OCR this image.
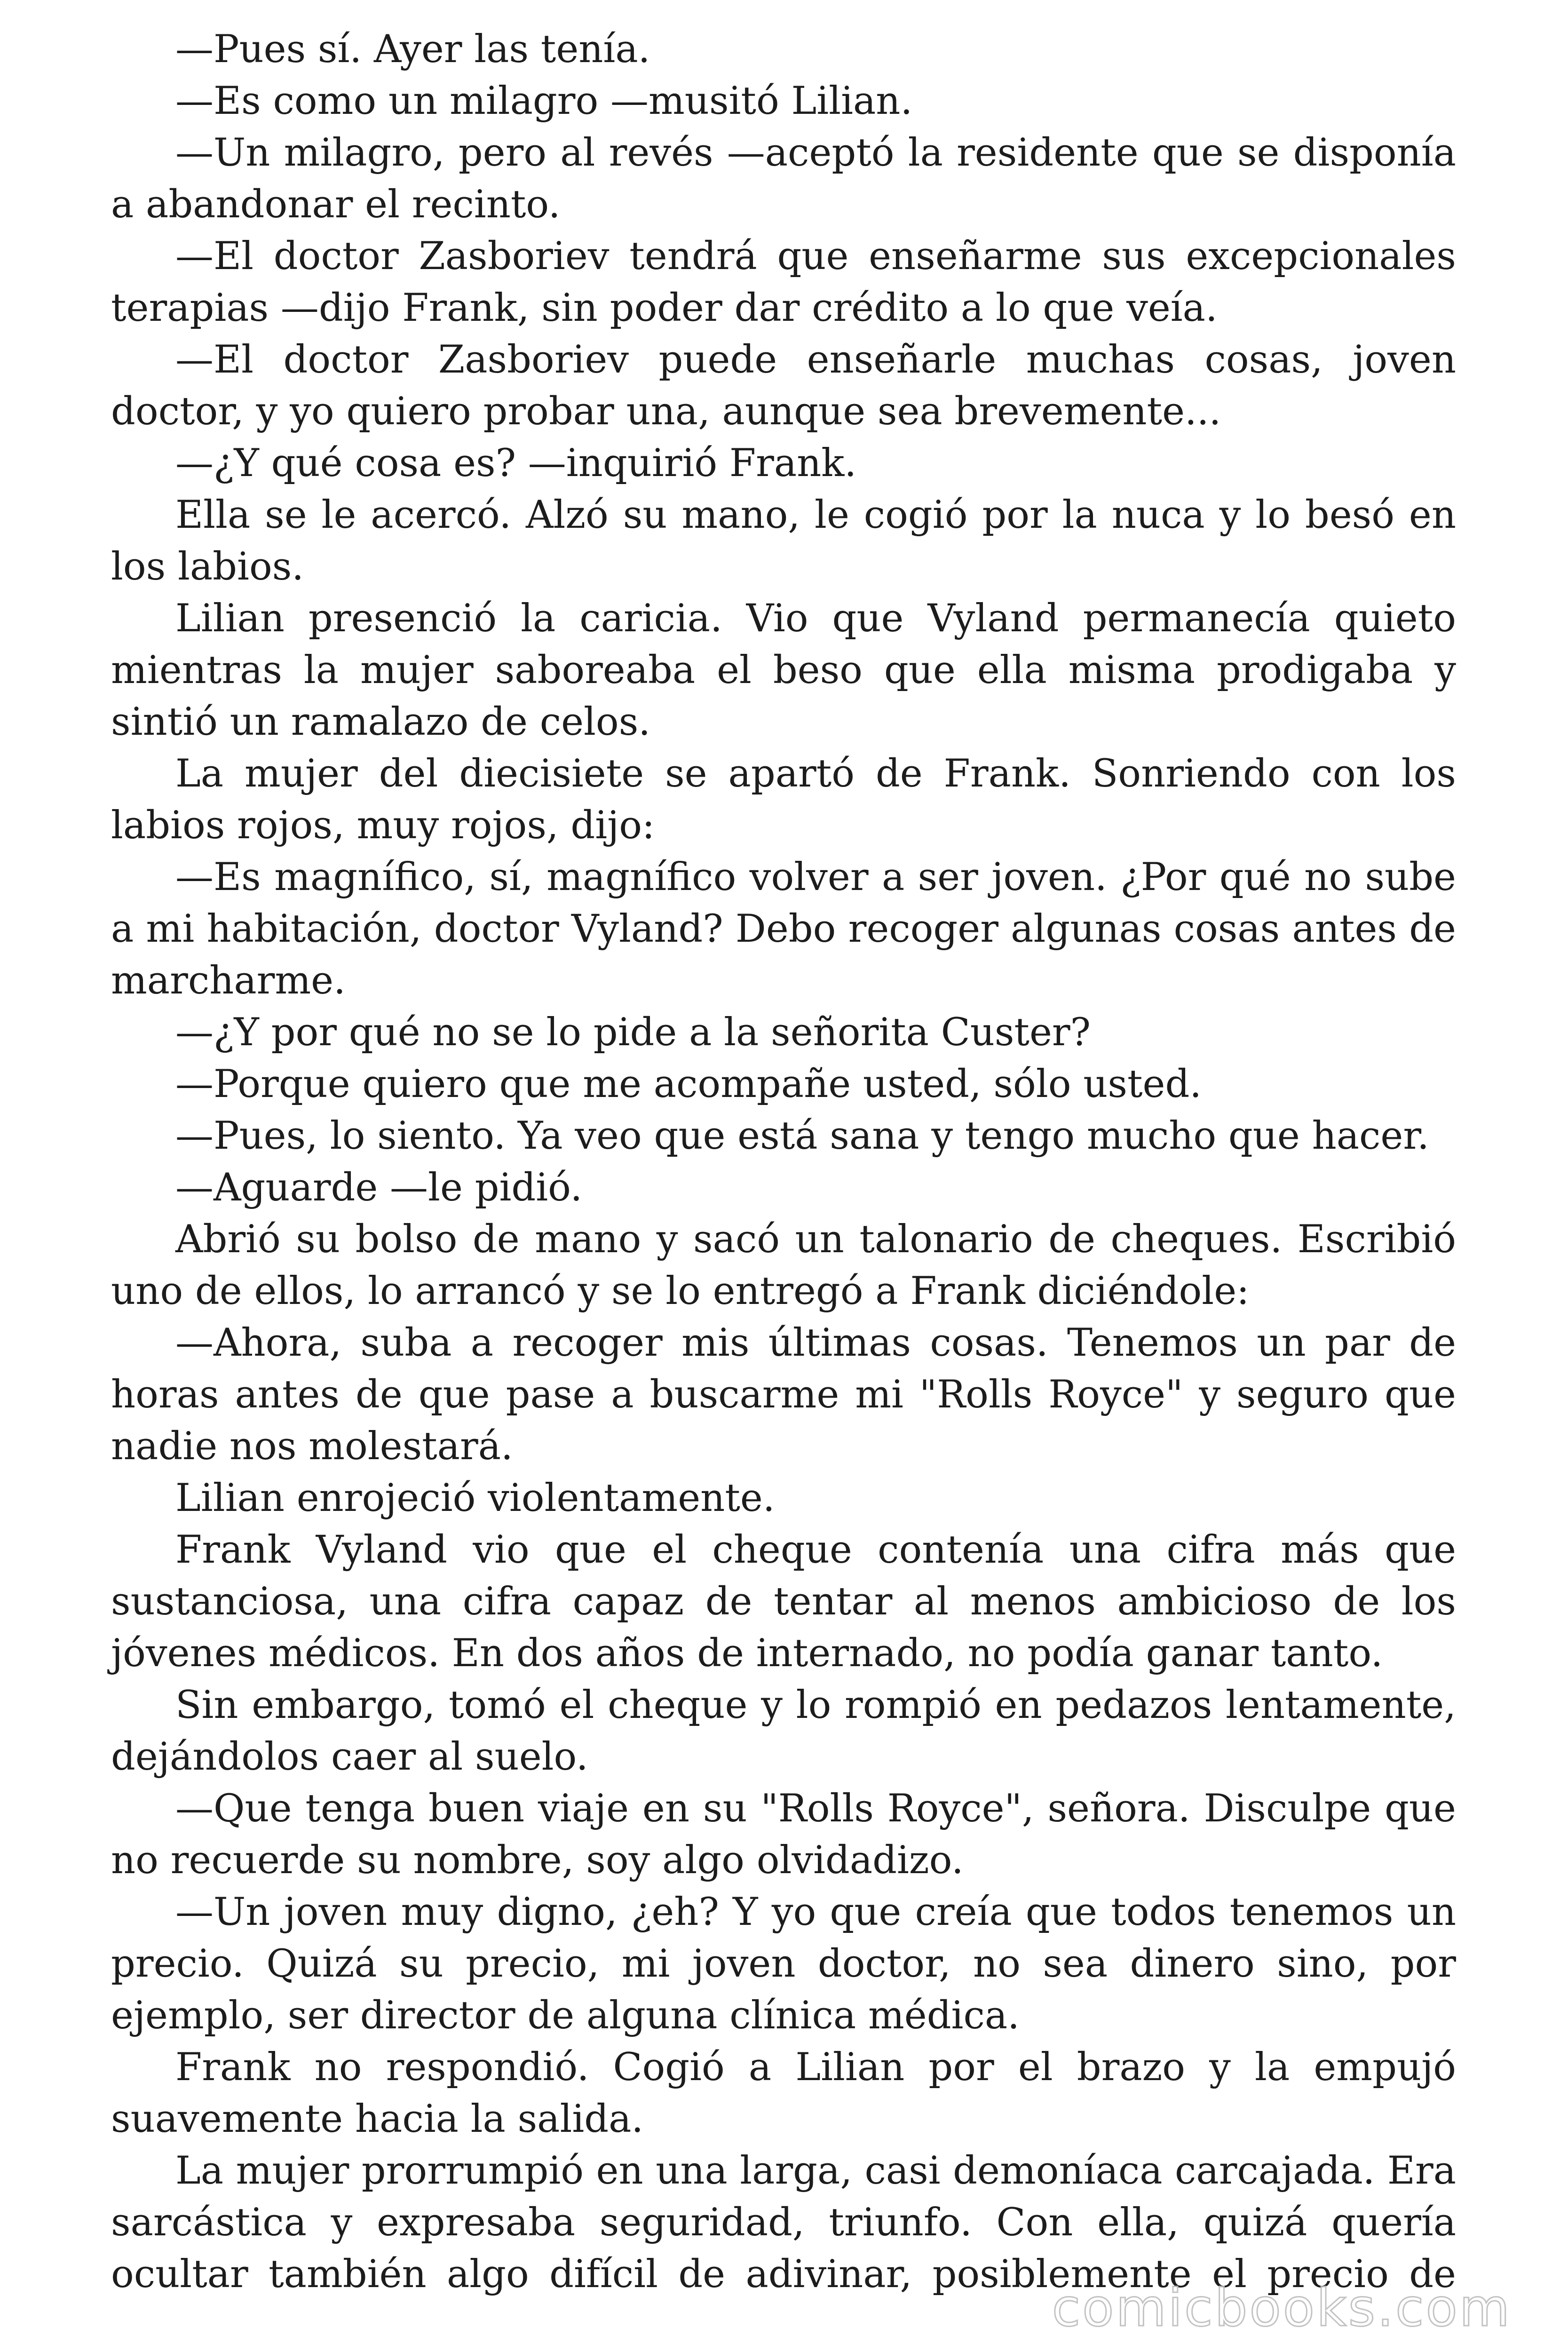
—Pues sí. Ayer las tenía.

—Es como un milagro —musitó Lilian.

—Un milagro, pero al revés —aceptó la residente que se disponía a abandonar el recinto.

—El doctor Zasboriev tendrá que enseñarme sus excepcionales terapias —dijo Frank, sin poder dar crédito a lo que veía.

—El doctor Zasboriev puede enseñarle muchas cosas, joven doctor, y yo quiero probar una, aunque sea brevemente...

—¿Y qué cosa es? —inquirió Frank.

Ella se le acercó. Alzó su mano, le cogió por la nuca y lo besó en los labios.

Lilian presenció la caricia. Vio que Vyland permanecía quieto mientras la mujer saboreaba el beso que ella misma prodigaba y sintió un ramalazo de celos.

La mujer del diecisiete se apartó de Frank. Sonriendo con los labios rojos, muy rojos, dijo:

—Es magnífico, sí, magnífico volver a ser joven. ¿Por qué no sube a mi habitación, doctor Vyland? Debo recoger algunas cosas antes de marcharme.

—¿Y por qué no se lo pide a la señorita Custer?

—Porque quiero que me acompañe usted, sólo usted.

—Pues, lo siento. Ya veo que está sana y tengo mucho que hacer.

—Aguarde —le pidió.

Abrió su bolso de mano y sacó un talonario de cheques. Escribió uno de ellos, lo arrancó y se lo entregó a Frank diciéndole:

—Ahora, suba a recoger mis últimas cosas. Tenemos un par de horas antes de que pase a buscarme mi "Rolls Royce" y seguro que nadie nos molestará.

Lilian enrojeció violentamente.

Frank Vyland vio que el cheque contenía una cifra más que sustanciosa, una cifra capaz de tentar al menos ambicioso de los jóvenes médicos. En dos años de internado, no podía ganar tanto.

Sin embargo, tomó el cheque y lo rompió en pedazos lentamente, dejándolos caer al suelo.

—Que tenga buen viaje en su "Rolls Royce", señora. Disculpe que no recuerde su nombre, soy algo olvidadizo.

—Un joven muy digno, ¿eh? Y yo que creía que todos tenemos un precio. Quizá su precio, mi joven doctor, no sea dinero sino, por ejemplo, ser director de alguna clínica médica.

Frank no respondió. Cogió a Lilian por el brazo y la empujó suavemente hacia la salida.

La mujer prorrumpió en una larga, casi demoníaca carcajada. Era sarcástica y expresaba seguridad, triunfo. Con ella, quizá quería ocultar también algo difícil de adivinar, posiblemente el precio de

comicbooks.com
